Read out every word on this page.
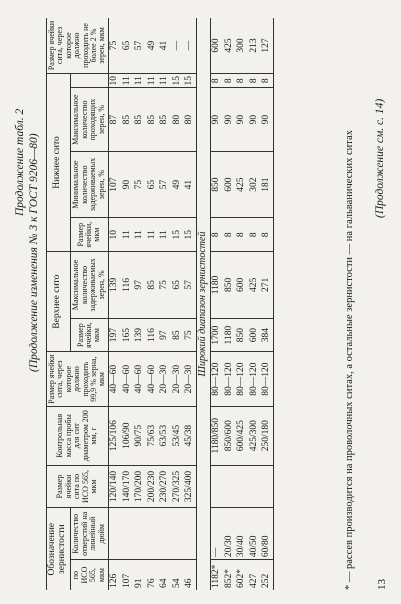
Продолжение табл. 2 (Продолжение изменения № 3 к ГОСТ 9206—80)
Обозначение зернистости		Размер ячейки сита по ИСО 565, мкм	Контрольная масса пробы для сит диаметром 200 мм, г	Размер ячейки сита, через которое должно проходить 99,9 % зерна, мкм	Верхнее сито		Нижнее сито				Размер ячейки сита, через которое должно проходить не более 2 % зерен, мкм
по ИСО 565, мкм	Количество отверстий на линейный дюйм				Размер ячейки, мкм	Максимальное количество задерживаемых зерен, %	Размер ячейки, мкм	Минимальное количество задерживаемых зерен, %	Максимальное количество проходящих зерен, %		
126		120/140	125/106	40—60	197	139	10	107	87	10	75
107		140/170	106/90	40—60	165	116	11	90	85	11	65
91		170/200	90/75	40—60	139	97	11	75	85	11	57
76		200/230	75/63	40—60	116	85	11	65	85	11	49
64		230/270	63/53	20—30	97	75	11	57	85	11	41
54		270/325	53/45	20—30	85	65	15	49	80	15	—
46		325/400	45/38	20—30	75	57	15	41	80	15	—
Широкий диапазон зернистостей											
1182*	—		1180/850	80—120	1700	1180	8	850	90	8	600
852*	20/30		850/600	80—120	1180	850	8	600	90	8	425
602*	30/40		600/425	80—120	850	600	8	425	90	8	300
427	40/50		425/300	80—120	600	425	8	302	90	8	213
252	60/80		250/180	80—120	384	271	8	181	90	8	127
* — рассев производится на проволочных ситах, а остальные зернистости — на гальванических ситах (Продолжение см. с. 14)
13
